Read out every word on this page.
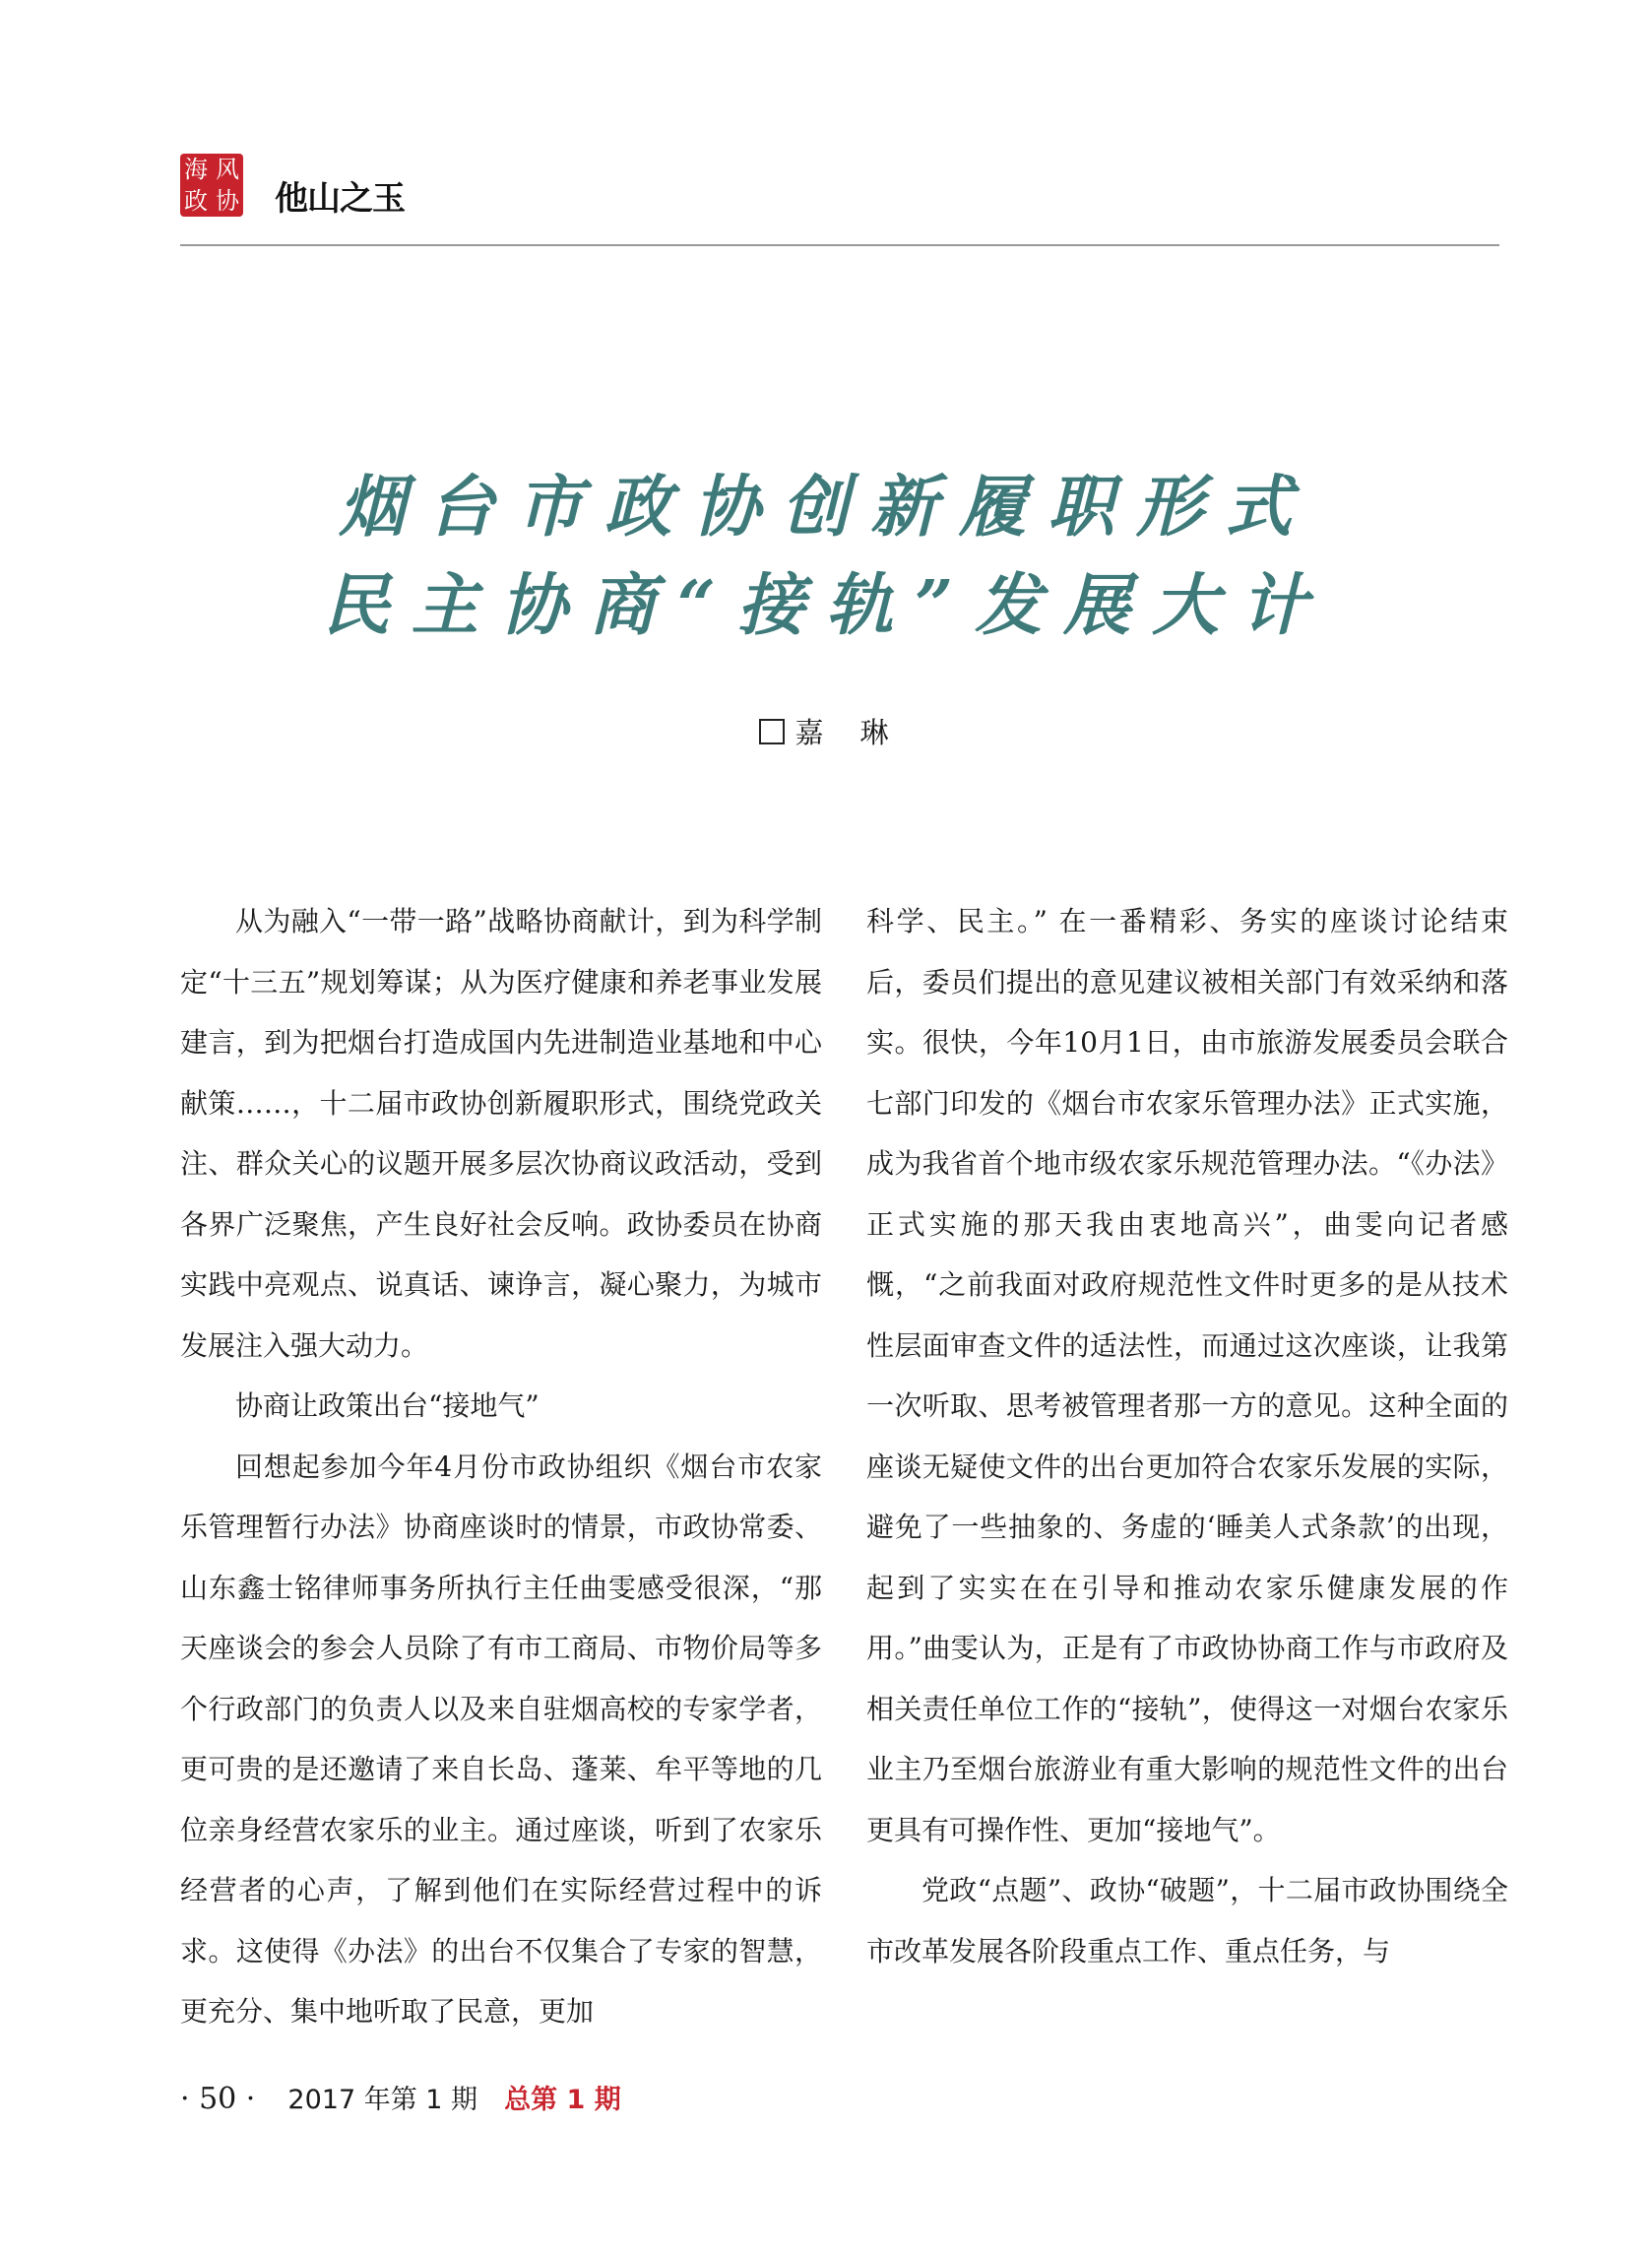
海 风
政 协 他山之玉
烟台市政协创新履职形式
民主协商“接轨”发展大计
嘉　琳

从为融入“一带一路”战略协商献计，到为科学制定“十三五”规划筹谋；从为医疗健康和养老事业发展建言，到为把烟台打造成国内先进制造业基地和中心献策……，十二届市政协创新履职形式，围绕党政关注、群众关心的议题开展多层次协商议政活动，受到各界广泛聚焦，产生良好社会反响。政协委员在协商实践中亮观点、说真话、谏诤言，凝心聚力，为城市发展注入强大动力。

协商让政策出台“接地气”

回想起参加今年4月份市政协组织《烟台市农家乐管理暂行办法》协商座谈时的情景，市政协常委、山东鑫士铭律师事务所执行主任曲雯感受很深，“那天座谈会的参会人员除了有市工商局、市物价局等多个行政部门的负责人以及来自驻烟高校的专家学者，更可贵的是还邀请了来自长岛、蓬莱、牟平等地的几位亲身经营农家乐的业主。通过座谈，听到了农家乐经营者的心声，了解到他们在实际经营过程中的诉求。这使得《办法》的出台不仅集合了专家的智慧，更充分、集中地听取了民意，更加

科学、民主。” 在一番精彩、务实的座谈讨论结束后，委员们提出的意见建议被相关部门有效采纳和落实。很快，今年10月1日，由市旅游发展委员会联合七部门印发的《烟台市农家乐管理办法》正式实施，成为我省首个地市级农家乐规范管理办法。“《办法》正式实施的那天我由衷地高兴”，曲雯向记者感慨，“之前我面对政府规范性文件时更多的是从技术性层面审查文件的适法性，而通过这次座谈，让我第一次听取、思考被管理者那一方的意见。这种全面的座谈无疑使文件的出台更加符合农家乐发展的实际，避免了一些抽象的、务虚的‘睡美人式条款’的出现，起到了实实在在引导和推动农家乐健康发展的作用。”曲雯认为，正是有了市政协协商工作与市政府及相关责任单位工作的“接轨”，使得这一对烟台农家乐业主乃至烟台旅游业有重大影响的规范性文件的出台更具有可操作性、更加“接地气”。

党政“点题”、政协“破题”，十二届市政协围绕全市改革发展各阶段重点工作、重点任务，与

· 50 · 2017 年第 1 期 总第 1 期
